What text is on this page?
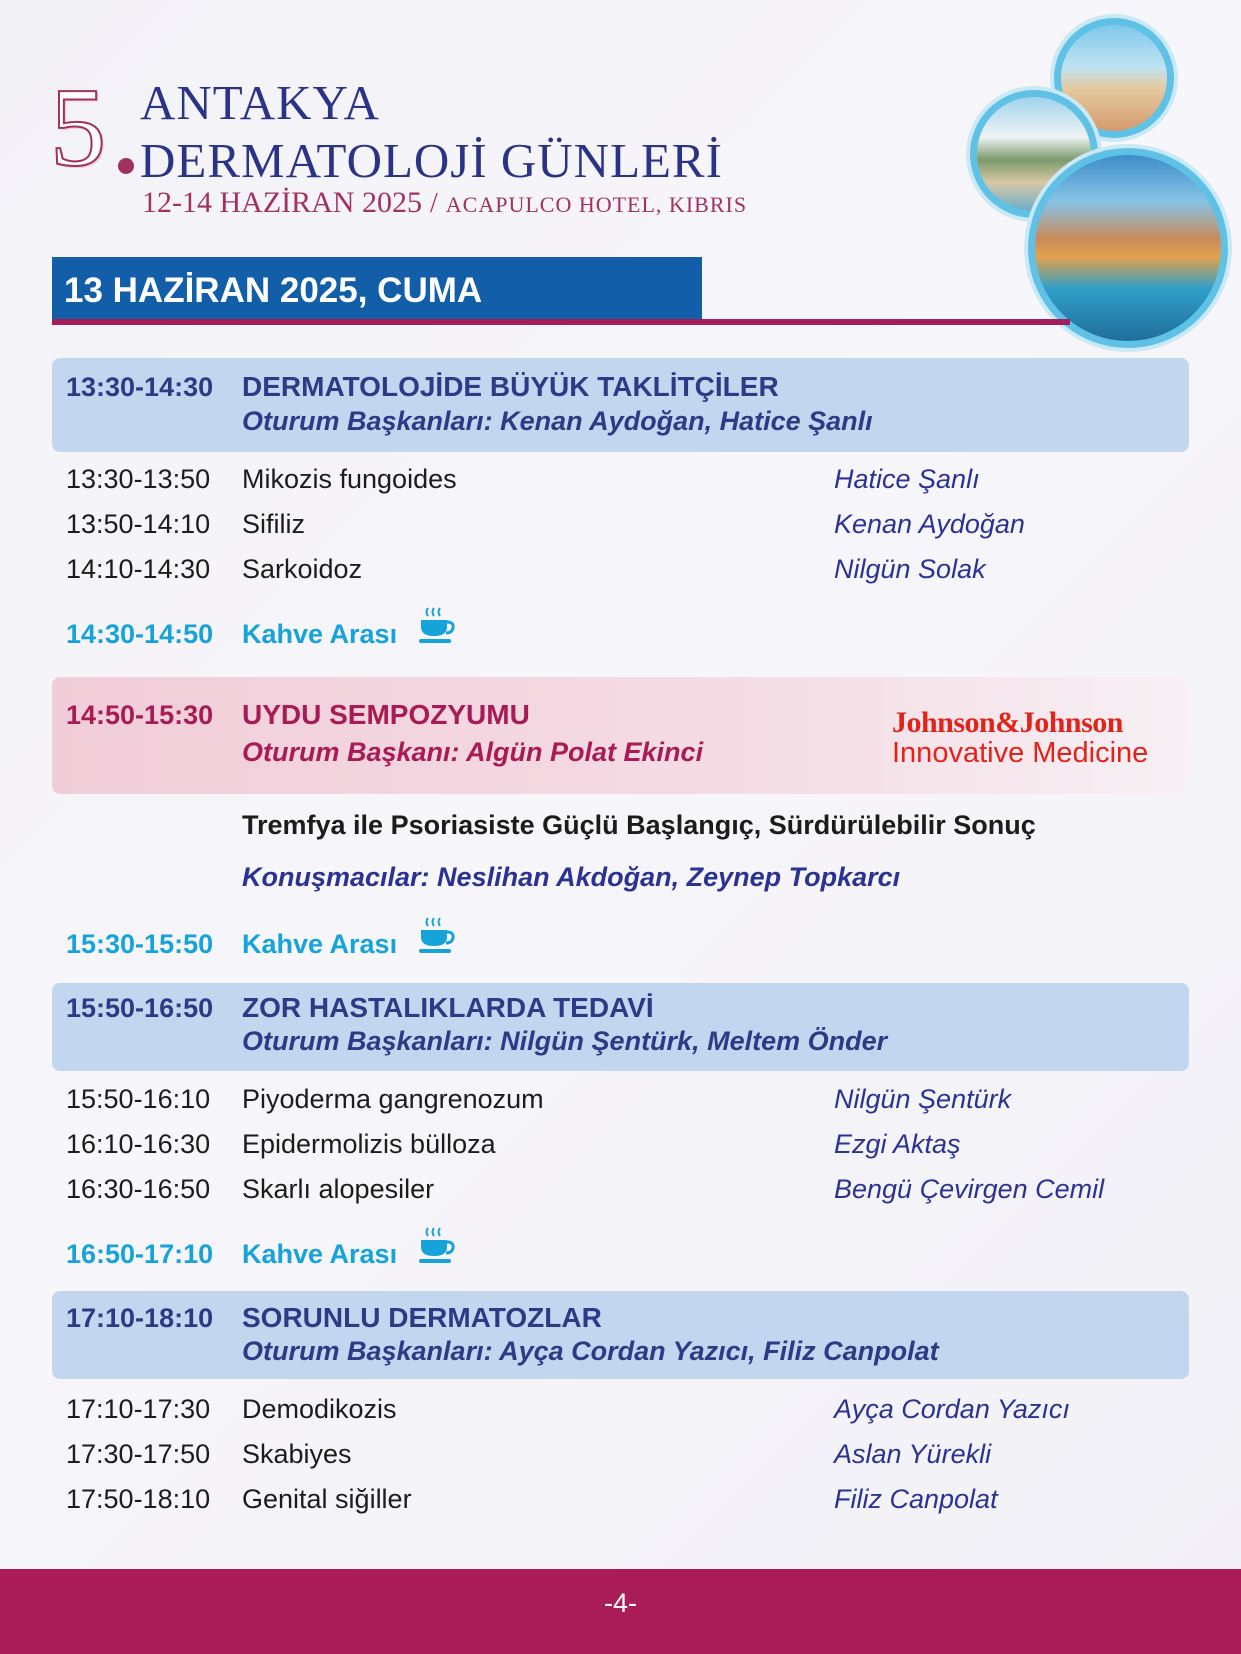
5 ANTAKYA
DERMATOLOJİ GÜNLERİ
12-14 HAZİRAN 2025 / ACAPULCO HOTEL, KIBRIS
13 HAZİRAN 2025, CUMA
13:30-14:30 DERMATOLOJİDE BÜYÜK TAKLİTÇİLER
Oturum Başkanları: Kenan Aydoğan, Hatice Şanlı
13:30-13:50 Mikozis fungoides	Hatice Şanlı
13:50-14:10 Sifiliz	Kenan Aydoğan
14:10-14:30 Sarkoidoz	Nilgün Solak
14:30-14:50 Kahve Arası
14:50-15:30 UYDU SEMPOZYUMU
Oturum Başkanı: Algün Polat Ekinci
Johnson&Johnson
Innovative Medicine
Tremfya ile Psoriasiste Güçlü Başlangıç, Sürdürülebilir Sonuç
Konuşmacılar: Neslihan Akdoğan, Zeynep Topkarcı
15:30-15:50 Kahve Arası
15:50-16:50 ZOR HASTALIKLARDA TEDAVİ
Oturum Başkanları: Nilgün Şentürk, Meltem Önder
15:50-16:10 Piyoderma gangrenozum	Nilgün Şentürk
16:10-16:30 Epidermolizis bülloza	Ezgi Aktaş
16:30-16:50 Skarlı alopesiler	Bengü Çevirgen Cemil
16:50-17:10 Kahve Arası
17:10-18:10 SORUNLU DERMATOZLAR
Oturum Başkanları: Ayça Cordan Yazıcı, Filiz Canpolat
17:10-17:30 Demodikozis	Ayça Cordan Yazıcı
17:30-17:50 Skabiyes	Aslan Yürekli
17:50-18:10 Genital siğiller	Filiz Canpolat
-4-
